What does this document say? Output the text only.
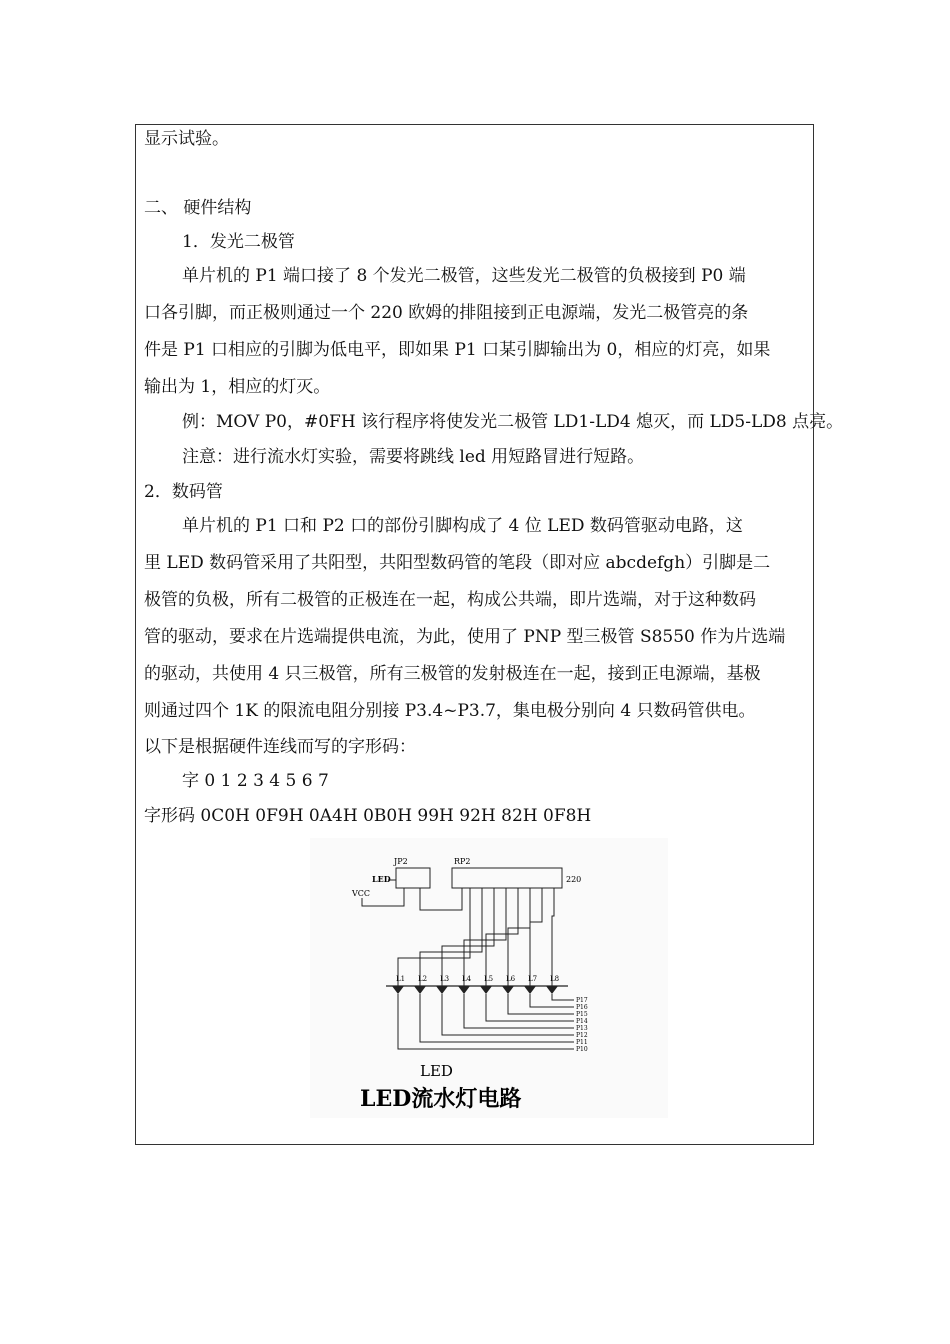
显示试验。
二、 硬件结构
1．发光二极管
单片机的 P1 端口接了 8 个发光二极管，这些发光二极管的负极接到 P0 端
口各引脚，而正极则通过一个 220 欧姆的排阻接到正电源端，发光二极管亮的条
件是 P1 口相应的引脚为低电平，即如果 P1 口某引脚输出为 0，相应的灯亮，如果
输出为 1，相应的灯灭。
例：MOV P0，#0FH 该行程序将使发光二极管 LD1-LD4 熄灭，而 LD5-LD8 点亮。
注意：进行流水灯实验，需要将跳线 led 用短路冒进行短路。
2．数码管
单片机的 P1 口和 P2 口的部份引脚构成了 4 位 LED 数码管驱动电路，这
里 LED 数码管采用了共阳型，共阳型数码管的笔段（即对应 abcdefgh）引脚是二
极管的负极，所有二极管的正极连在一起，构成公共端，即片选端，对于这种数码
管的驱动，要求在片选端提供电流，为此，使用了 PNP 型三极管 S8550 作为片选端
的驱动，共使用 4 只三极管，所有三极管的发射极连在一起，接到正电源端，基极
则通过四个 1K 的限流电阻分别接 P3.4~P3.7，集电极分别向 4 只数码管供电。
以下是根据硬件连线而写的字形码：
字 0 1 2 3 4 5 6 7
字形码 0C0H 0F9H 0A4H 0B0H 99H 92H 82H 0F8H
JP2
LED
VCC
RP2
220
L1 L2 L3 L4 L5 L6 L7 L8
P17
P16
P15
P14
P13
P12
P11
P10
LED
LED流水灯电路
